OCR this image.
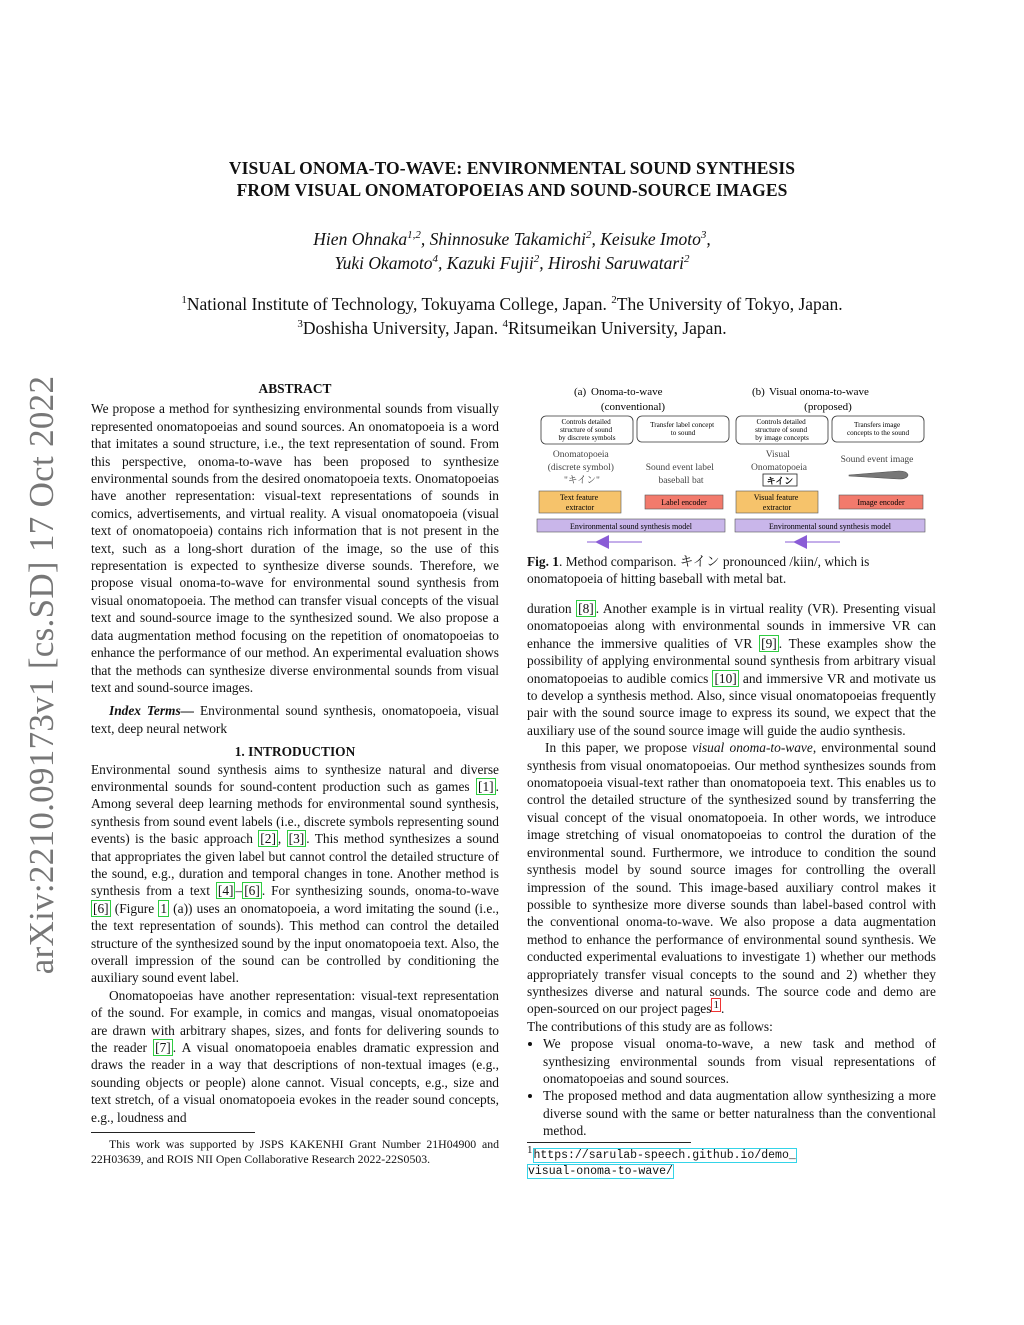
VISUAL ONOMA-TO-WAVE: ENVIRONMENTAL SOUND SYNTHESIS
FROM VISUAL ONOMATOPOEIAS AND SOUND-SOURCE IMAGES
Hien Ohnaka$^{1,2}$, Shinnosuke Takamichi$^2$, Keisuke Imoto$^3$,
Yuki Okamoto$^4$, Kazuki Fujii$^2$, Hiroshi Saruwatari$^2$
$^1$National Institute of Technology, Tokuyama College, Japan. $^2$The University of Tokyo, Japan.
$^3$Doshisha University, Japan. $^4$Ritsumeikan University, Japan.
arXiv:2210.09173v1 [cs.SD] 17 Oct 2022	ABSTRACT

We propose a method for synthesizing environmental sounds from visually represented onomatopoeias and sound sources. An onomatopoeia is a word that imitates a sound structure, i.e., the text representation of sound. From this perspective, onoma-to-wave has been proposed to synthesize environmental sounds from the desired onomatopoeia texts. Onomatopoeias have another representation: visual-text representations of sounds in comics, advertisements, and virtual reality. A visual onomatopoeia (visual text of onomatopoeia) contains rich information that is not present in the text, such as a long-short duration of the image, so the use of this representation is expected to synthesize diverse sounds. Therefore, we propose visual onoma-to-wave for environmental sound synthesis from visual onomatopoeia. The method can transfer visual concepts of the visual text and sound-source image to the synthesized sound. We also propose a data augmentation method focusing on the repetition of onomatopoeias to enhance the performance of our method. An experimental evaluation shows that the methods can synthesize diverse environmental sounds from visual text and sound-source images.

Index Terms— Environmental sound synthesis, onomatopoeia, visual text, deep neural network

1. INTRODUCTION

Environmental sound synthesis aims to synthesize natural and diverse environmental sounds for sound-content production such as games [1] . Among several deep learning methods for environmental sound synthesis, synthesis from sound event labels (i.e., discrete symbols representing sound events) is the basic approach [2] , [3] . This method synthesizes a sound that appropriates the given label but cannot control the detailed structure of the sound, e.g., duration and temporal changes in tone. Another method is synthesis from a text [4] – [6] . For synthesizing sounds, onoma-to-wave [6] (Figure 1 (a)) uses an onomatopoeia, a word imitating the sound (i.e., the text representation of sounds). This method can control the detailed structure of the synthesized sound by the input onomatopoeia text. Also, the overall impression of the sound can be controlled by conditioning the auxiliary sound event label.

Onomatopoeias have another representation: visual-text representation of the sound. For example, in comics and mangas, visual onomatopoeias are drawn with arbitrary shapes, sizes, and fonts for delivering sounds to the reader [7] . A visual onomatopoeia enables dramatic expression and draws the reader in a way that descriptions of non-textual images (e.g., sounding objects or people) alone cannot. Visual concepts, e.g., size and text stretch, of a visual onomatopoeia evokes in the reader sound concepts, e.g., loudness and

This work was supported by JSPS KAKENHI Grant Number 21H04900 and 22H03639, and ROIS NII Open Collaborative Research 2022-22S0503.
(a) Onoma-to-wave
(conventional)
(b) Visual onoma-to-wave
(proposed)
Controls detailed structure of sound by discrete symbols
Transfer label concept to sound
Controls detailed structure of sound by image concepts
Transfers image concepts to the sound
Onomatopoeia (discrete symbol) "キイン"
Sound event label baseball bat
Visual Onomatopoeia
キイン
Sound event image
Text feature extractor
Label encoder
Visual feature extractor
Image encoder
Environmental sound synthesis model	Environmental sound synthesis model
Fig. 1. Method comparison. キイン pronounced /kiin/, which is onomatopoeia of hitting baseball with metal bat.

duration [8] . Another example is in virtual reality (VR). Presenting visual onomatopoeias along with environmental sounds in immersive VR can enhance the immersive qualities of VR [9] . These examples show the possibility of applying environmental sound synthesis from arbitrary visual onomatopoeias to audible comics [10] and immersive VR and motivate us to develop a synthesis method. Also, since visual onomatopoeias frequently pair with the sound source image to express its sound, we expect that the auxiliary use of the sound source image will guide the audio synthesis.

In this paper, we propose visual onoma-to-wave, environmental sound synthesis from visual onomatopoeias. Our method synthesizes sounds from onomatopoeia visual-text rather than onomatopoeia text. This enables us to control the detailed structure of the synthesized sound by transferring the visual concept of the visual onomatopoeia. In other words, we introduce image stretching of visual onomatopoeias to control the duration of the environmental sound. Furthermore, we introduce to condition the sound synthesis model by sound source images for controlling the overall impression of the sound. This image-based auxiliary control makes it possible to synthesize more diverse sounds than label-based control with the conventional onoma-to-wave. We also propose a data augmentation method to enhance the performance of environmental sound synthesis. We conducted experimental evaluations to investigate 1) whether our methods appropriately transfer visual concepts to the sound and 2) whether they synthesizes diverse and natural sounds. The source code and demo are open-sourced on our project pages $^1$ .

The contributions of this study are as follows:

• We propose visual onoma-to-wave, a new task and method of synthesizing environmental sounds from visual representations of onomatopoeias and sound sources.
• The proposed method and data augmentation allow synthesizing a more diverse sound with the same or better naturalness than the conventional method.
$^1$https://sarulab-speech.github.io/demo_
visual-onoma-to-wave/
